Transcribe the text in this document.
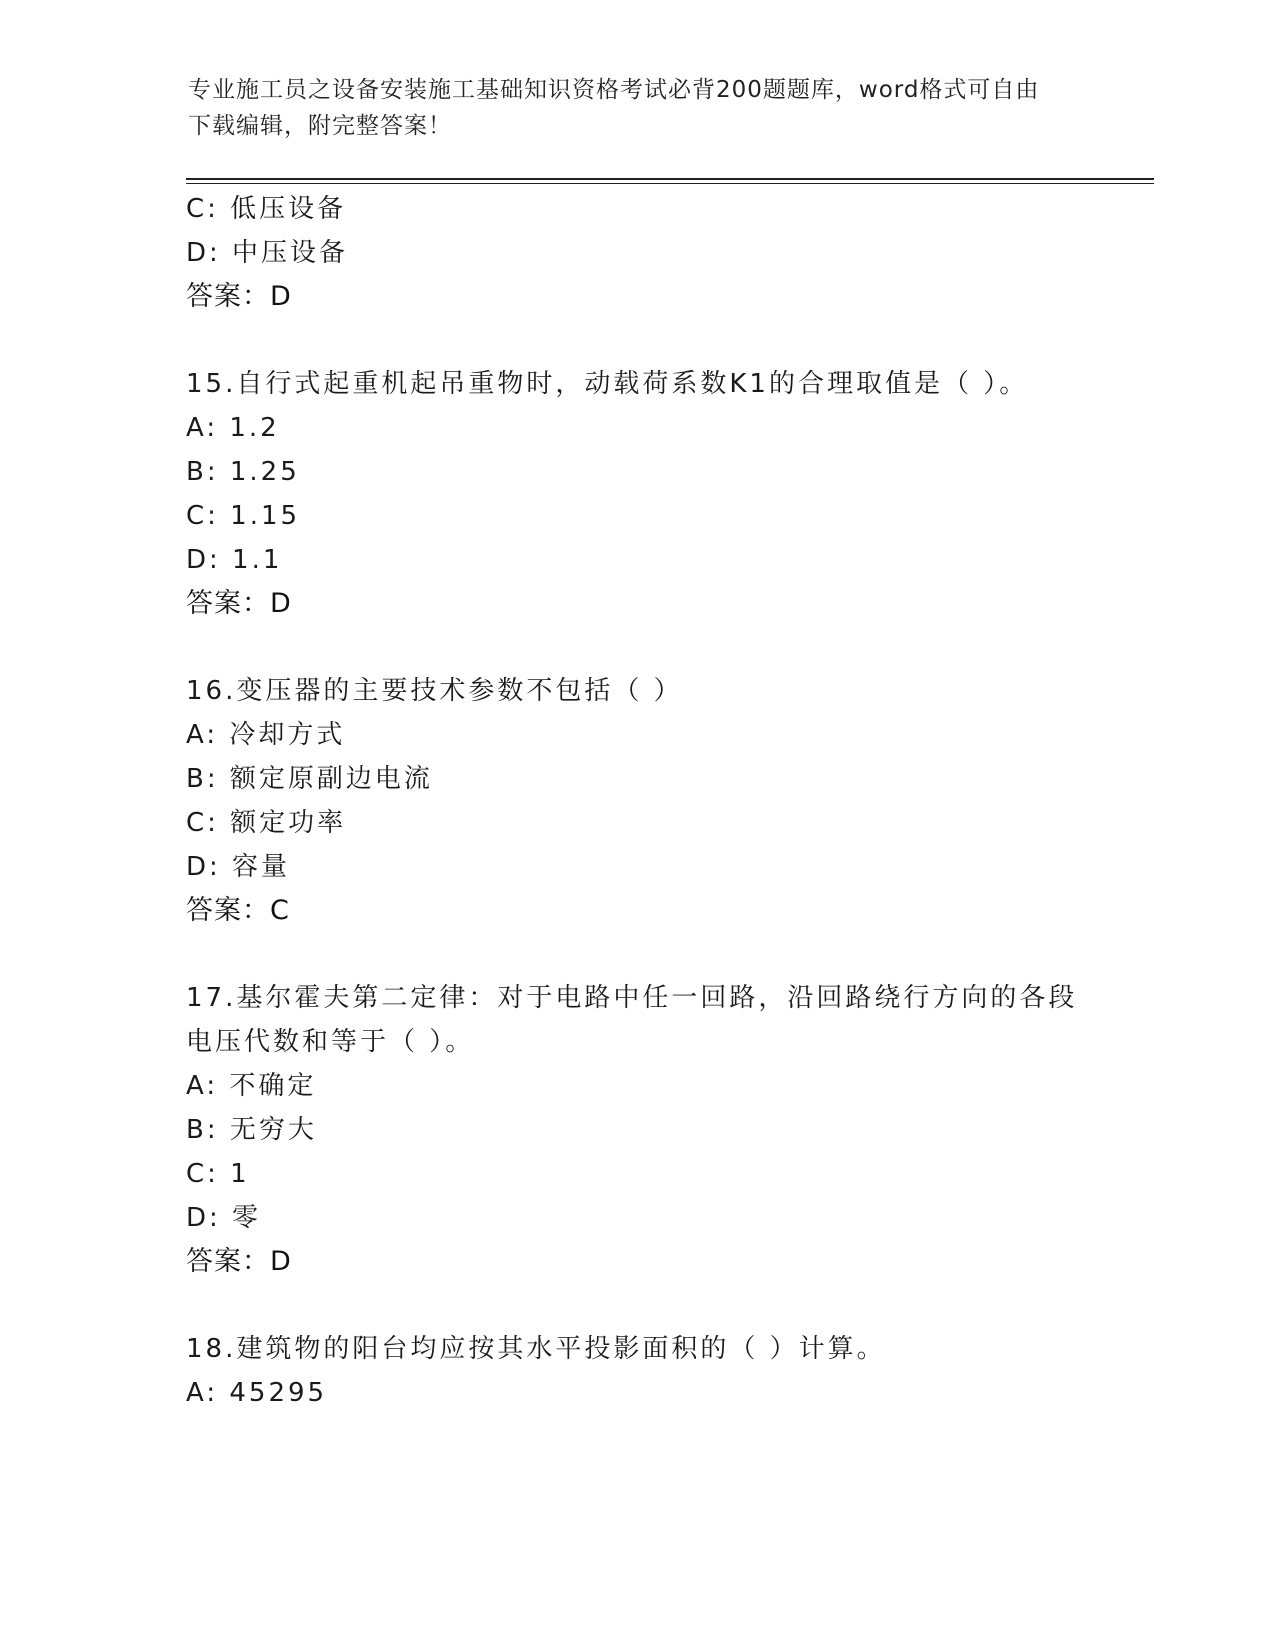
专业施工员之设备安装施工基础知识资格考试必背200题题库，word格式可自由
下载编辑，附完整答案！
C: 低压设备
D: 中压设备
答案：D
15.自行式起重机起吊重物时，动载荷系数K1的合理取值是（ ）。
A: 1.2
B: 1.25
C: 1.15
D: 1.1
答案：D
16.变压器的主要技术参数不包括（ ）
A: 冷却方式
B: 额定原副边电流
C: 额定功率
D: 容量
答案：C
17.基尔霍夫第二定律：对于电路中任一回路，沿回路绕行方向的各段
电压代数和等于（ ）。
A: 不确定
B: 无穷大
C: 1
D: 零
答案：D
18.建筑物的阳台均应按其水平投影面积的（ ）计算。
A: 45295
